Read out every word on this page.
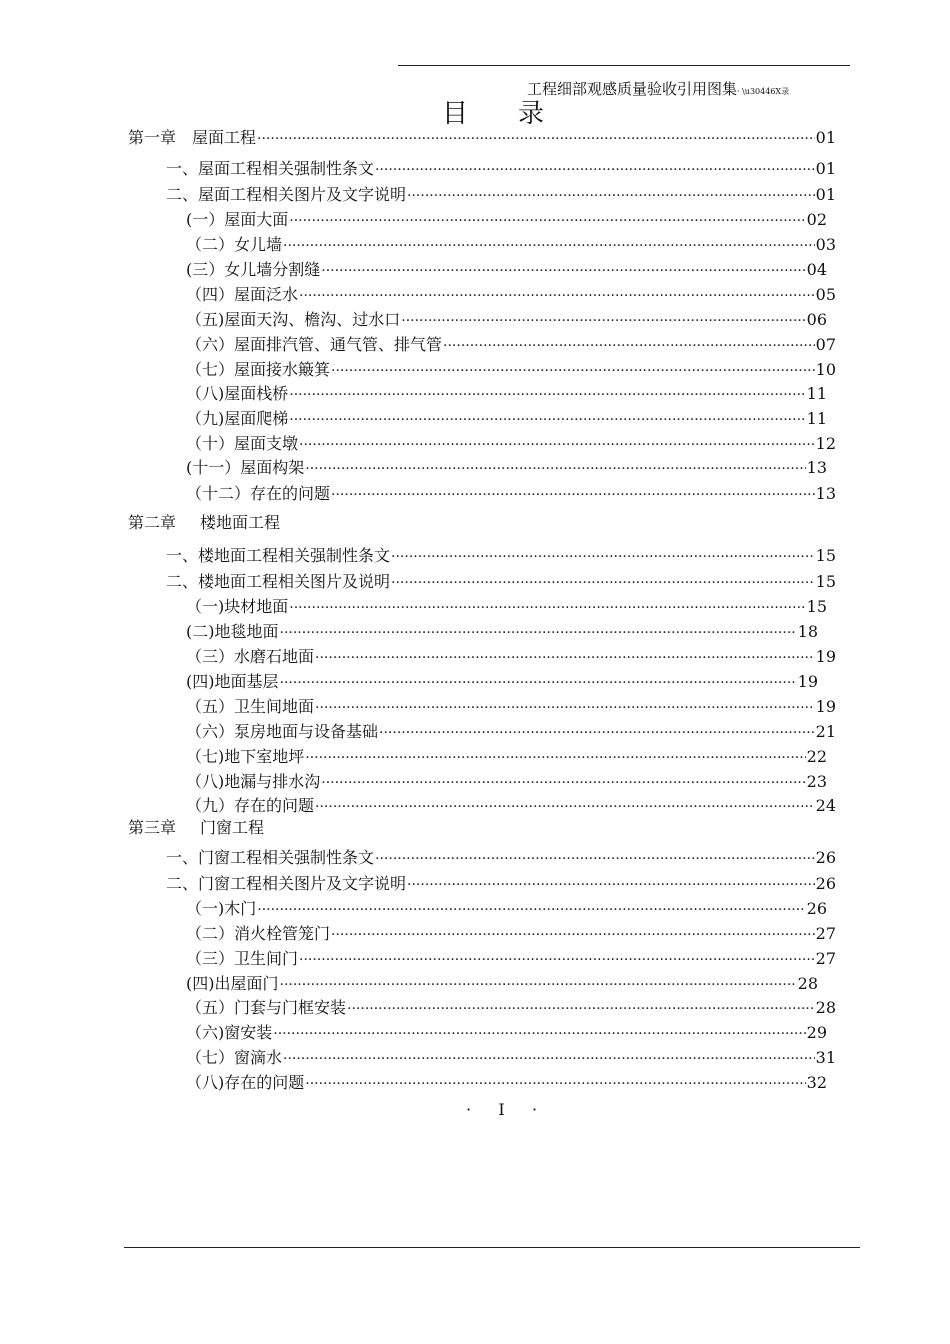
工程细部观感质量验收引用图集· \u30446X录
目 录
第一章　屋面工程 ·····	01
一、屋面工程相关强制性条文 ·····	01
二、屋面工程相关图片及文字说明 ·····	01
(一）屋面大面 ·····	02
（二）女儿墙 ·····	03
(三）女儿墙分割缝 ·····	04
（四）屋面泛水 ·····	05
（五)屋面天沟、檐沟、过水口 ·····	06
（六）屋面排汽管、通气管、排气管 ·····	07
（七）屋面接水簸箕 ·····	10
（八)屋面栈桥 ·····	11
（九)屋面爬梯 ·····	11
（十）屋面支墩 ·····	12
(十一）屋面构架 ·····	13
（十二）存在的问题 ·····	13
第二章 楼地面工程
一、楼地面工程相关强制性条文 ·····	15
二、楼地面工程相关图片及说明 ·····	15
（一)块材地面 ·····	15
(二)地毯地面 ·····	18
（三）水磨石地面 ·····	19
(四)地面基层 ·····	19
（五）卫生间地面 ·····	19
（六）泵房地面与设备基础 ·····	21
（七)地下室地坪 ·····	22
（八)地漏与排水沟 ·····	23
（九）存在的问题 ·····	24
第三章 门窗工程
一、门窗工程相关强制性条文 ·····	26
二、门窗工程相关图片及文字说明 ·····	26
（一)木门 ·····	26
（二）消火栓管笼门 ·····	27
（三）卫生间门 ·····	27
(四)出屋面门 ·····	28
（五）门套与门框安装 ·····	28
（六)窗安装 ·····	29
（七）窗滴水 ·····	31
（八)存在的问题 ·····	32
· I ·
